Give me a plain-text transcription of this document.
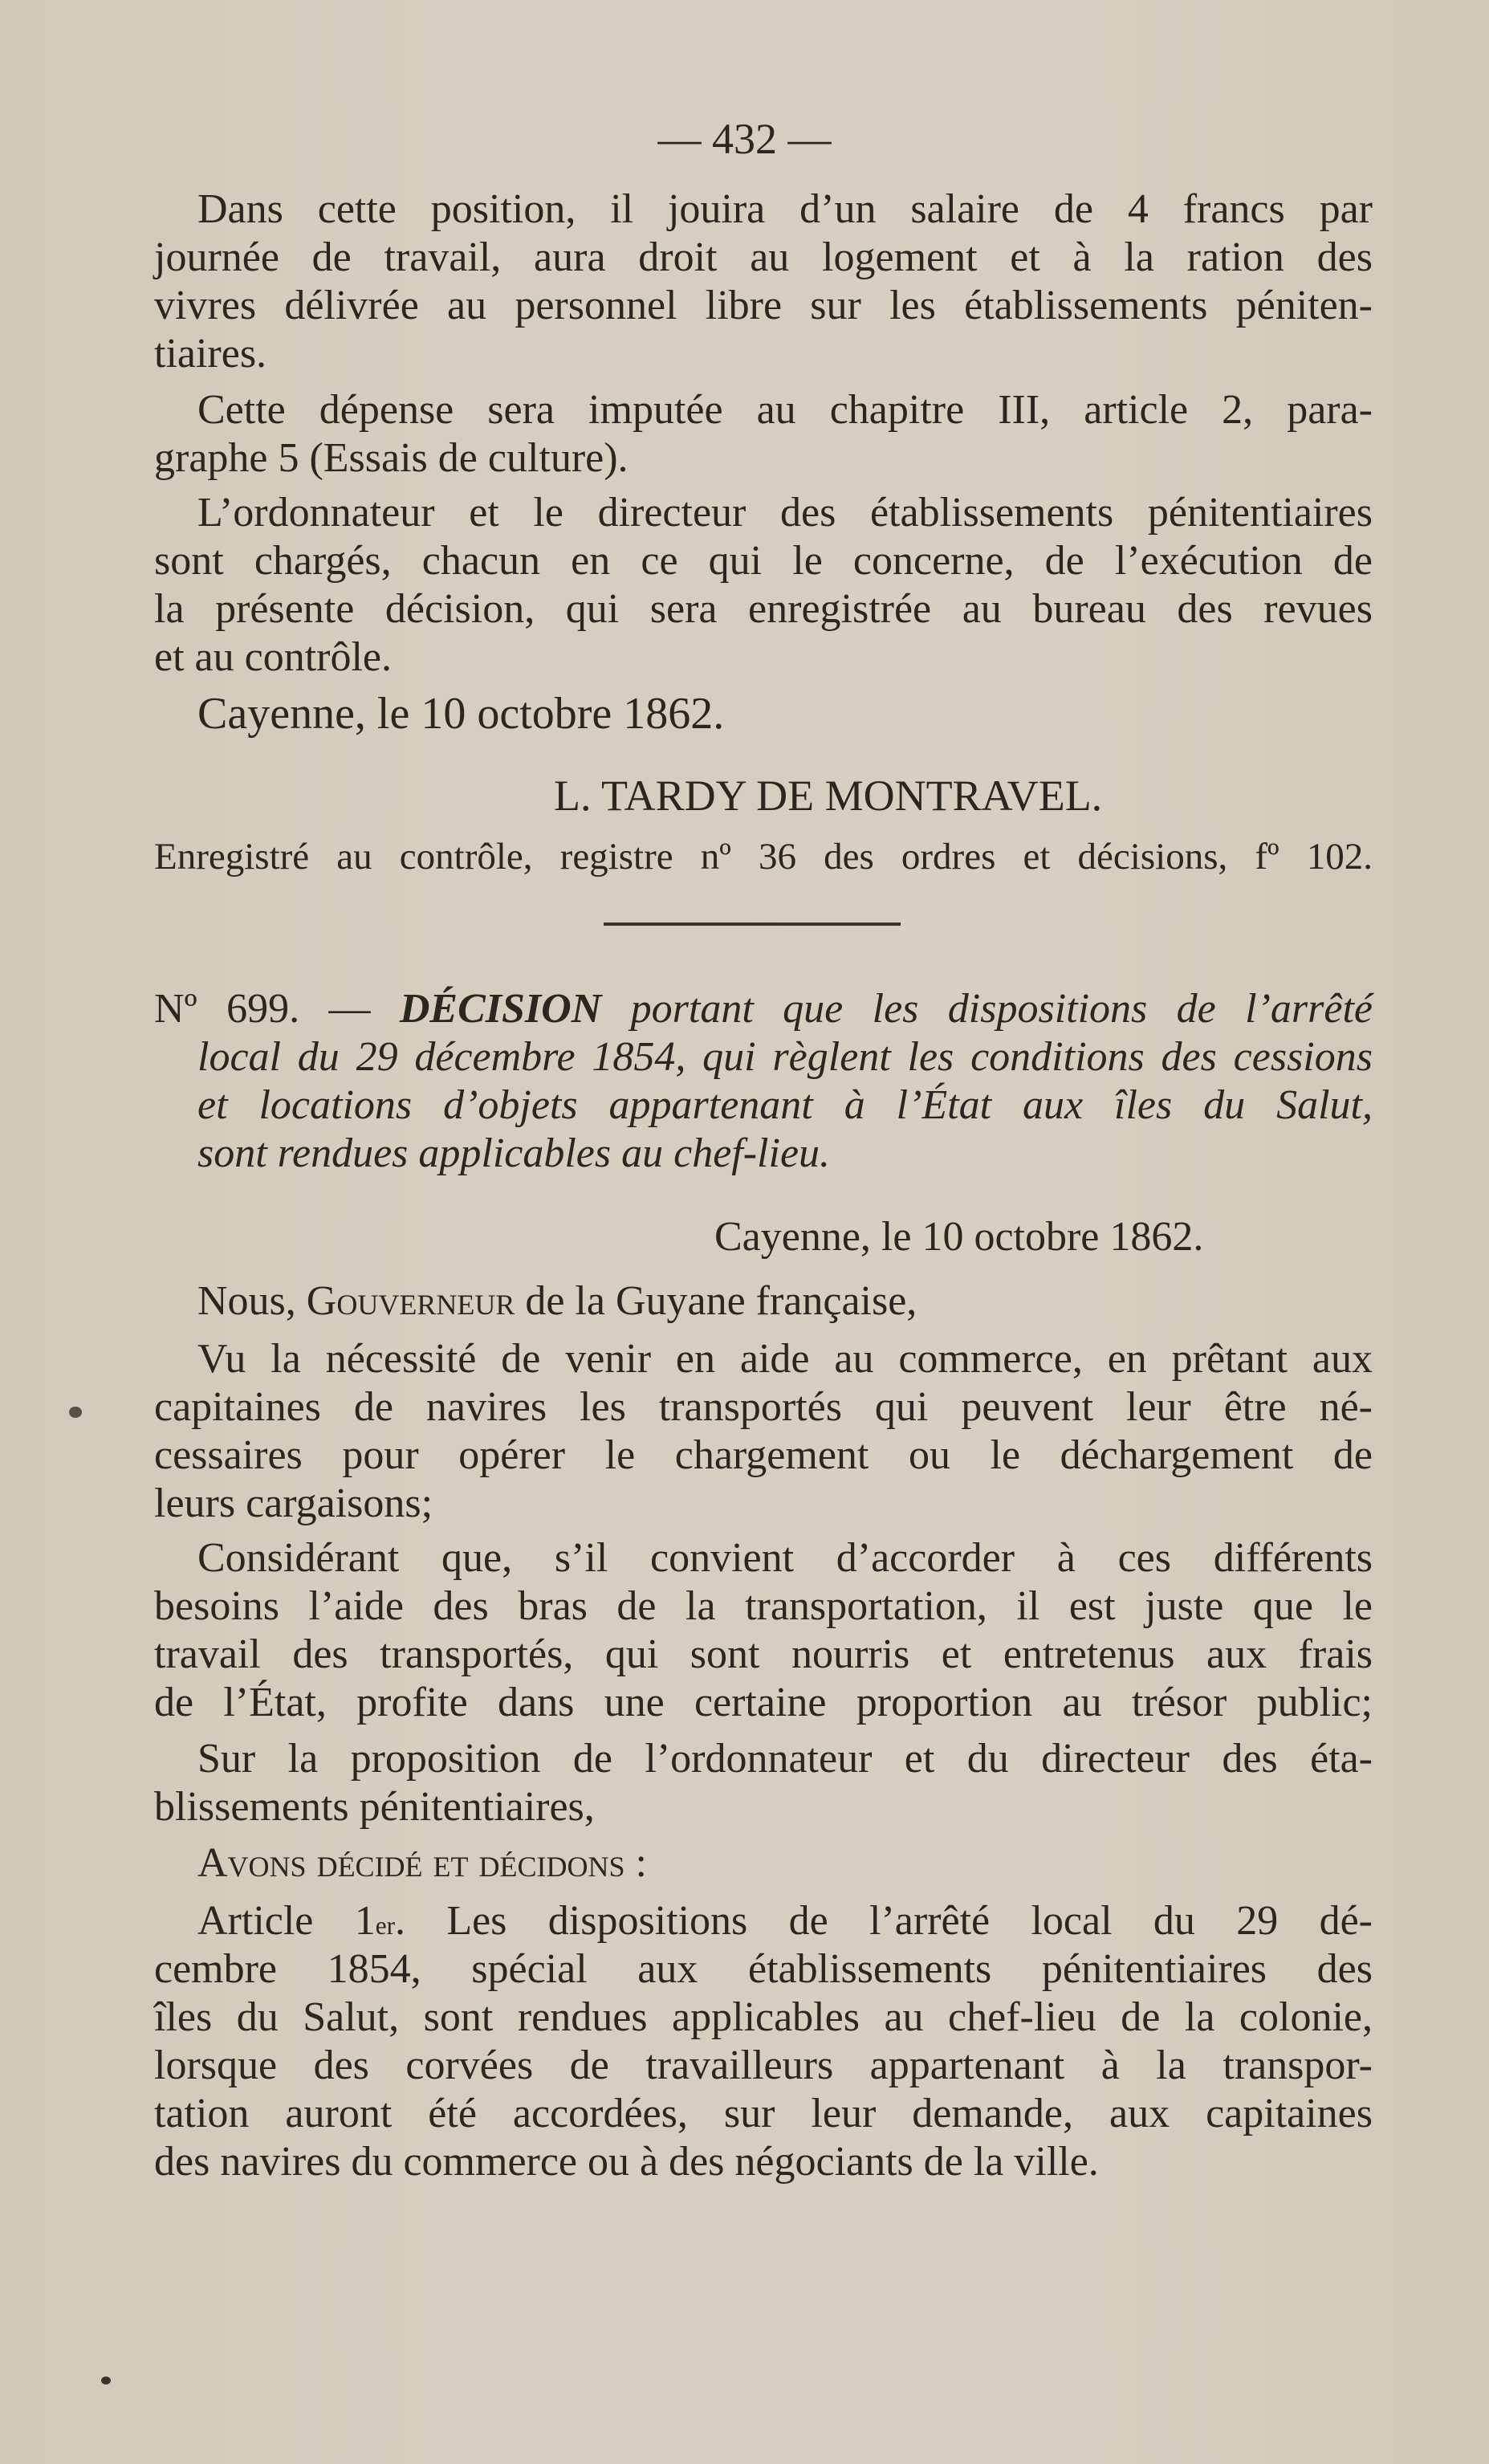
— 432 —
Dans cette position, il jouira d’un salaire de 4 francs par
journée de travail, aura droit au logement et à la ration des
vivres délivrée au personnel libre sur les établissements péniten-
tiaires.
Cette dépense sera imputée au chapitre III, article 2, para-
graphe 5 (Essais de culture).
L’ordonnateur et le directeur des établissements pénitentiaires
sont chargés, chacun en ce qui le concerne, de l’exécution de
la présente décision, qui sera enregistrée au bureau des revues
et au contrôle.
Cayenne, le 10 octobre 1862.
L. TARDY DE MONTRAVEL.
Enregistré au contrôle, registre nº 36 des ordres et décisions, fº 102.
Nº 699. — DÉCISION portant que les dispositions de l’arrêté
local du 29 décembre 1854, qui règlent les conditions des cessions
et locations d’objets appartenant à l’État aux îles du Salut,
sont rendues applicables au chef-lieu.
Cayenne, le 10 octobre 1862.
Nous, Gouverneur de la Guyane française,
Vu la nécessité de venir en aide au commerce, en prêtant aux
capitaines de navires les transportés qui peuvent leur être né-
cessaires pour opérer le chargement ou le déchargement de
leurs cargaisons;
Considérant que, s’il convient d’accorder à ces différents
besoins l’aide des bras de la transportation, il est juste que le
travail des transportés, qui sont nourris et entretenus aux frais
de l’État, profite dans une certaine proportion au trésor public;
Sur la proposition de l’ordonnateur et du directeur des éta-
blissements pénitentiaires,
Avons décidé et décidons :
Article 1er. Les dispositions de l’arrêté local du 29 dé-
cembre 1854, spécial aux établissements pénitentiaires des
îles du Salut, sont rendues applicables au chef-lieu de la colonie,
lorsque des corvées de travailleurs appartenant à la transpor-
tation auront été accordées, sur leur demande, aux capitaines
des navires du commerce ou à des négociants de la ville.
